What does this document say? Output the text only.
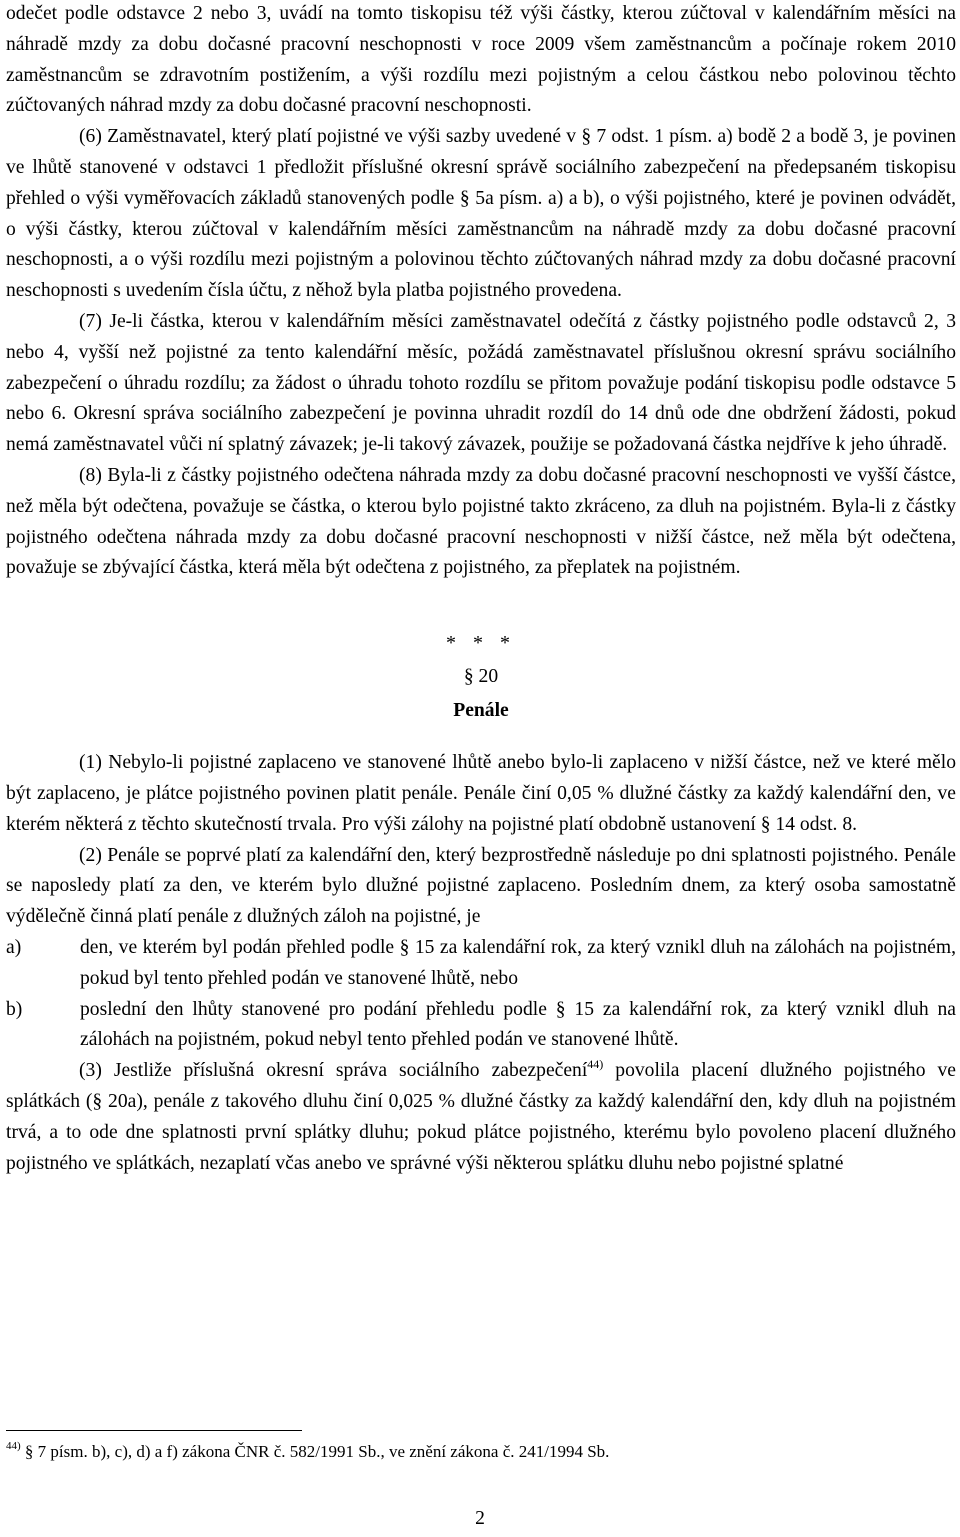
odečet podle odstavce 2 nebo 3, uvádí na tomto tiskopisu též výši částky, kterou zúčtoval v kalendářním měsíci na náhradě mzdy za dobu dočasné pracovní neschopnosti v roce 2009 všem zaměstnancům a počínaje rokem 2010 zaměstnancům se zdravotním postižením, a výši rozdílu mezi pojistným a celou částkou nebo polovinou těchto zúčtovaných náhrad mzdy za dobu dočasné pracovní neschopnosti.

(6) Zaměstnavatel, který platí pojistné ve výši sazby uvedené v § 7 odst. 1 písm. a) bodě 2 a bodě 3, je povinen ve lhůtě stanovené v odstavci 1 předložit příslušné okresní správě sociálního zabezpečení na předepsaném tiskopisu přehled o výši vyměřovacích základů stanovených podle § 5a písm. a) a b), o výši pojistného, které je povinen odvádět, o výši částky, kterou zúčtoval v kalendářním měsíci zaměstnancům na náhradě mzdy za dobu dočasné pracovní neschopnosti, a o výši rozdílu mezi pojistným a polovinou těchto zúčtovaných náhrad mzdy za dobu dočasné pracovní neschopnosti s uvedením čísla účtu, z něhož byla platba pojistného provedena.

(7) Je-li částka, kterou v kalendářním měsíci zaměstnavatel odečítá z částky pojistného podle odstavců 2, 3 nebo 4, vyšší než pojistné za tento kalendářní měsíc, požádá zaměstnavatel příslušnou okresní správu sociálního zabezpečení o úhradu rozdílu; za žádost o úhradu tohoto rozdílu se přitom považuje podání tiskopisu podle odstavce 5 nebo 6. Okresní správa sociálního zabezpečení je povinna uhradit rozdíl do 14 dnů ode dne obdržení žádosti, pokud nemá zaměstnavatel vůči ní splatný závazek; je-li takový závazek, použije se požadovaná částka nejdříve k jeho úhradě.

(8) Byla-li z částky pojistného odečtena náhrada mzdy za dobu dočasné pracovní neschopnosti ve vyšší částce, než měla být odečtena, považuje se částka, o kterou bylo pojistné takto zkráceno, za dluh na pojistném. Byla-li z částky pojistného odečtena náhrada mzdy za dobu dočasné pracovní neschopnosti v nižší částce, než měla být odečtena, považuje se zbývající částka, která měla být odečtena z pojistného, za přeplatek na pojistném.

* * *
§ 20
Penále

(1) Nebylo-li pojistné zaplaceno ve stanovené lhůtě anebo bylo-li zaplaceno v nižší částce, než ve které mělo být zaplaceno, je plátce pojistného povinen platit penále. Penále činí 0,05 % dlužné částky za každý kalendářní den, ve kterém některá z těchto skutečností trvala. Pro výši zálohy na pojistné platí obdobně ustanovení § 14 odst. 8.

(2) Penále se poprvé platí za kalendářní den, který bezprostředně následuje po dni splatnosti pojistného. Penále se naposledy platí za den, ve kterém bylo dlužné pojistné zaplaceno. Posledním dnem, za který osoba samostatně výdělečně činná platí penále z dlužných záloh na pojistné, je

a)	den, ve kterém byl podán přehled podle § 15 za kalendářní rok, za který vznikl dluh na zálohách na pojistném, pokud byl tento přehled podán ve stanovené lhůtě, nebo
b)	poslední den lhůty stanovené pro podání přehledu podle § 15 za kalendářní rok, za který vznikl dluh na zálohách na pojistném, pokud nebyl tento přehled podán ve stanovené lhůtě.

(3) Jestliže příslušná okresní správa sociálního zabezpečení$^{44)}$ povolila placení dlužného pojistného ve splátkách (§ 20a), penále z takového dluhu činí 0,025 % dlužné částky za každý kalendářní den, kdy dluh na pojistném trvá, a to ode dne splatnosti první splátky dluhu; pokud plátce pojistného, kterému bylo povoleno placení dlužného pojistného ve splátkách, nezaplatí včas anebo ve správné výši některou splátku dluhu nebo pojistné splatné

$^{44)}$ § 7 písm. b), c), d) a f) zákona ČNR č. 582/1991 Sb., ve znění zákona č. 241/1994 Sb.
2
